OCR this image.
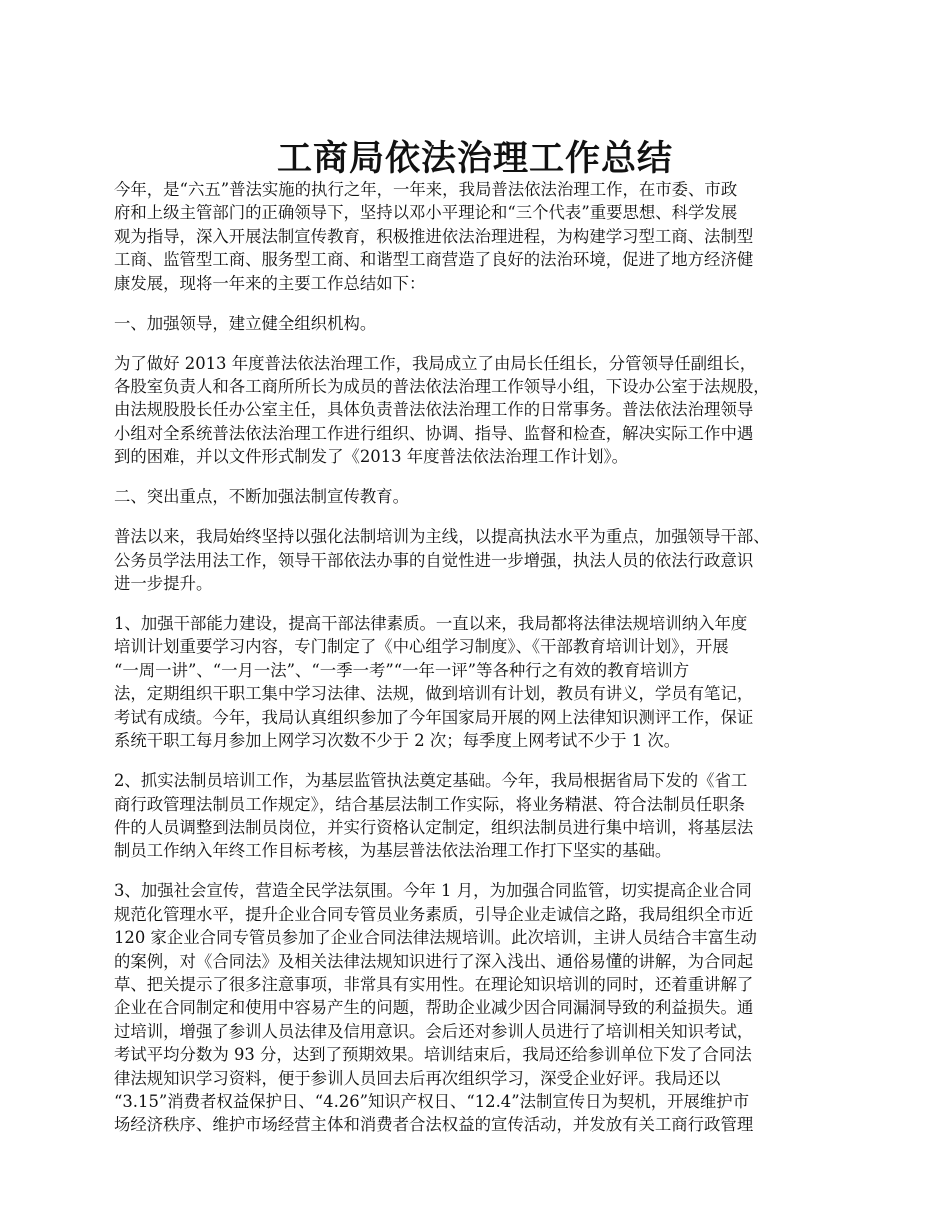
工商局依法治理工作总结

今年，是“六五”普法实施的执行之年，一年来，我局普法依法治理工作，在市委、市政
府和上级主管部门的正确领导下，坚持以邓小平理论和“三个代表”重要思想、科学发展
观为指导，深入开展法制宣传教育，积极推进依法治理进程，为构建学习型工商、法制型
工商、监管型工商、服务型工商、和谐型工商营造了良好的法治环境，促进了地方经济健
康发展，现将一年来的主要工作总结如下：

一、加强领导，建立健全组织机构。

为了做好 2013 年度普法依法治理工作，我局成立了由局长任组长，分管领导任副组长，
各股室负责人和各工商所所长为成员的普法依法治理工作领导小组，下设办公室于法规股，
由法规股股长任办公室主任，具体负责普法依法治理工作的日常事务。普法依法治理领导
小组对全系统普法依法治理工作进行组织、协调、指导、监督和检查，解决实际工作中遇
到的困难，并以文件形式制发了《2013 年度普法依法治理工作计划》。

二、突出重点，不断加强法制宣传教育。

普法以来，我局始终坚持以强化法制培训为主线，以提高执法水平为重点，加强领导干部、
公务员学法用法工作，领导干部依法办事的自觉性进一步增强，执法人员的依法行政意识
进一步提升。

1、加强干部能力建设，提高干部法律素质。一直以来，我局都将法律法规培训纳入年度
培训计划重要学习内容，专门制定了《中心组学习制度》、《干部教育培训计划》，开展
“一周一讲”、“一月一法”、“一季一考”“一年一评”等各种行之有效的教育培训方
法，定期组织干职工集中学习法律、法规，做到培训有计划，教员有讲义，学员有笔记，
考试有成绩。今年，我局认真组织参加了今年国家局开展的网上法律知识测评工作，保证
系统干职工每月参加上网学习次数不少于 2 次；每季度上网考试不少于 1 次。

2、抓实法制员培训工作，为基层监管执法奠定基础。今年，我局根据省局下发的《省工
商行政管理法制员工作规定》，结合基层法制工作实际，将业务精湛、符合法制员任职条
件的人员调整到法制员岗位，并实行资格认定制定，组织法制员进行集中培训，将基层法
制员工作纳入年终工作目标考核，为基层普法依法治理工作打下坚实的基础。

3、加强社会宣传，营造全民学法氛围。今年 1 月，为加强合同监管，切实提高企业合同
规范化管理水平，提升企业合同专管员业务素质，引导企业走诚信之路，我局组织全市近
120 家企业合同专管员参加了企业合同法律法规培训。此次培训，主讲人员结合丰富生动
的案例，对《合同法》及相关法律法规知识进行了深入浅出、通俗易懂的讲解，为合同起
草、把关提示了很多注意事项，非常具有实用性。在理论知识培训的同时，还着重讲解了
企业在合同制定和使用中容易产生的问题，帮助企业减少因合同漏洞导致的利益损失。通
过培训，增强了参训人员法律及信用意识。会后还对参训人员进行了培训相关知识考试，
考试平均分数为 93 分，达到了预期效果。培训结束后，我局还给参训单位下发了合同法
律法规知识学习资料，便于参训人员回去后再次组织学习，深受企业好评。我局还以
“3.15”消费者权益保护日、“4.26”知识产权日、“12.4”法制宣传日为契机，开展维护市
场经济秩序、维护市场经营主体和消费者合法权益的宣传活动，并发放有关工商行政管理
